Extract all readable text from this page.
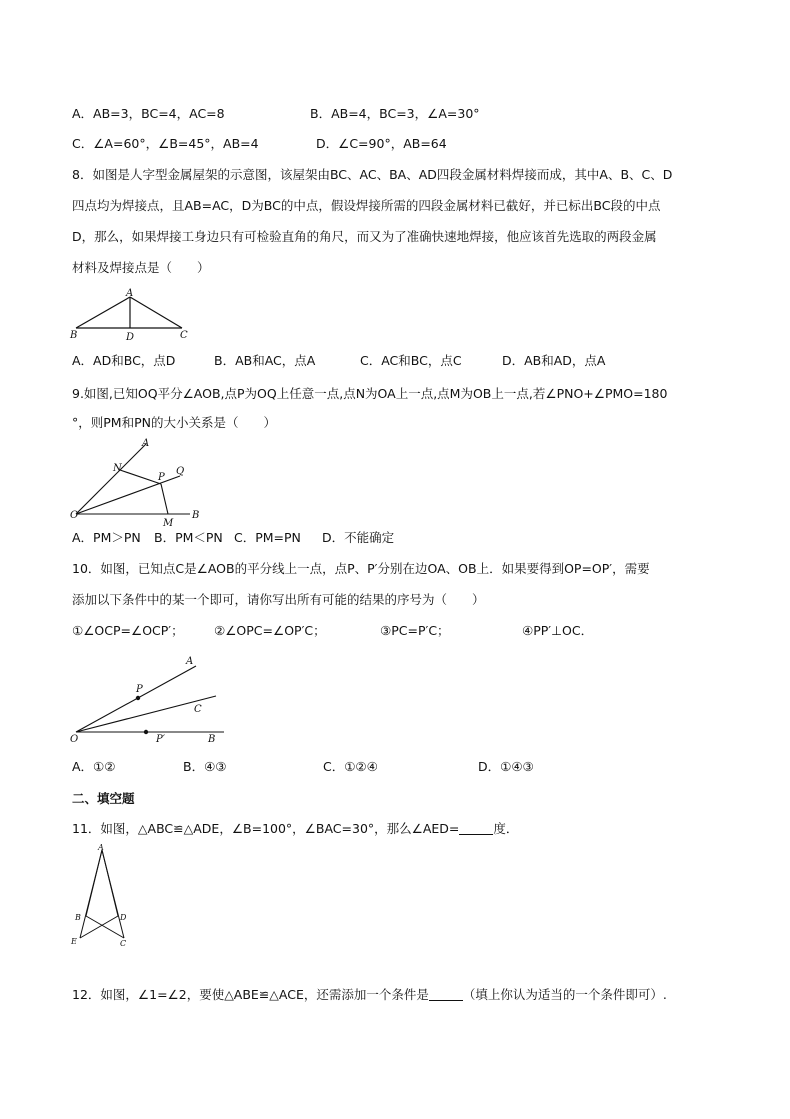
A．AB=3，BC=4，AC=8	B．AB=4，BC=3，∠A=30°
C．∠A=60°，∠B=45°，AB=4	D．∠C=90°，AB=64
8．如图是人字型金属屋架的示意图，该屋架由BC、AC、BA、AD四段金属材料焊接而成，其中A、B、C、D
四点均为焊接点，且AB=AC，D为BC的中点，假设焊接所需的四段金属材料已截好，并已标出BC段的中点
D，那么，如果焊接工身边只有可检验直角的角尺，而又为了准确快速地焊接，他应该首先选取的两段金属
材料及焊接点是（　　）
A
B	D	C
A．AD和BC，点D	B．AB和AC，点A	C．AC和BC，点C	D．AB和AD，点A
9.如图,已知OQ平分∠AOB,点P为OQ上任意一点,点N为OA上一点,点M为OB上一点,若∠PNO+∠PMO=180
°，则PM和PN的大小关系是（　　）
A
N
P
Q
O
M
B
A．PM＞PN B．PM＜PN C．PM=PN D．不能确定
10．如图，已知点C是∠AOB的平分线上一点，点P、P′分别在边OA、OB上．如果要得到OP=OP′，需要
添加以下条件中的某一个即可，请你写出所有可能的结果的序号为（　　）
①∠OCP=∠OCP′； ②∠OPC=∠OP′C；	③PC=P′C；	④PP′⊥OC．
A
P
C
O	P′	B
A．①②	B．④③	C．①②④	D．①④③
二、填空题
11．如图，△ABC≌△ADE，∠B=100°，∠BAC=30°，那么∠AED=	度．
A
B	D
E	C
12．如图，∠1=∠2，要使△ABE≌△ACE，还需添加一个条件是	（填上你认为适当的一个条件即可）.
